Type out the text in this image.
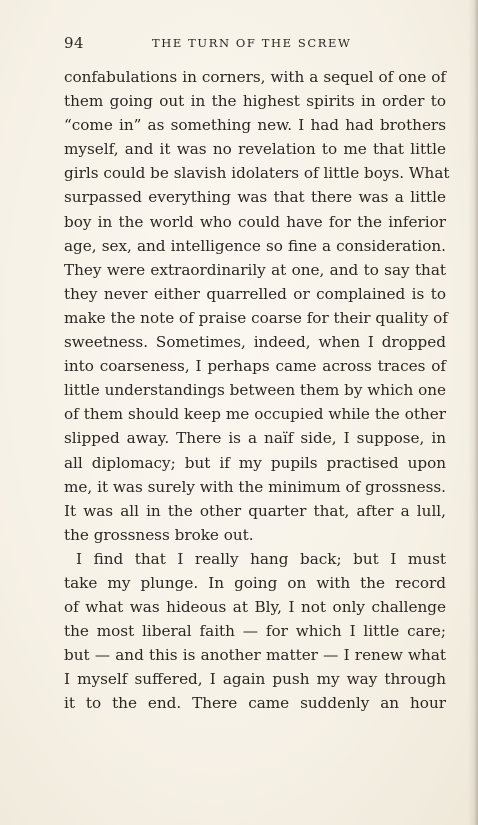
94	THE TURN OF THE SCREW
confabulations in corners, with a sequel of one of
them going out in the highest spirits in order to
“come in” as something new. I had had brothers
myself, and it was no revelation to me that little
girls could be slavish idolaters of little boys. What
surpassed everything was that there was a little
boy in the world who could have for the inferior
age, sex, and intelligence so fine a consideration.
They were extraordinarily at one, and to say that
they never either quarrelled or complained is to
make the note of praise coarse for their quality of
sweetness. Sometimes, indeed, when I dropped
into coarseness, I perhaps came across traces of
little understandings between them by which one
of them should keep me occupied while the other
slipped away. There is a naïf side, I suppose, in
all diplomacy; but if my pupils practised upon
me, it was surely with the minimum of grossness.
It was all in the other quarter that, after a lull,
the grossness broke out.
I find that I really hang back; but I must
take my plunge. In going on with the record
of what was hideous at Bly, I not only challenge
the most liberal faith — for which I little care;
but — and this is another matter — I renew what
I myself suffered, I again push my way through
it to the end. There came suddenly an hour
